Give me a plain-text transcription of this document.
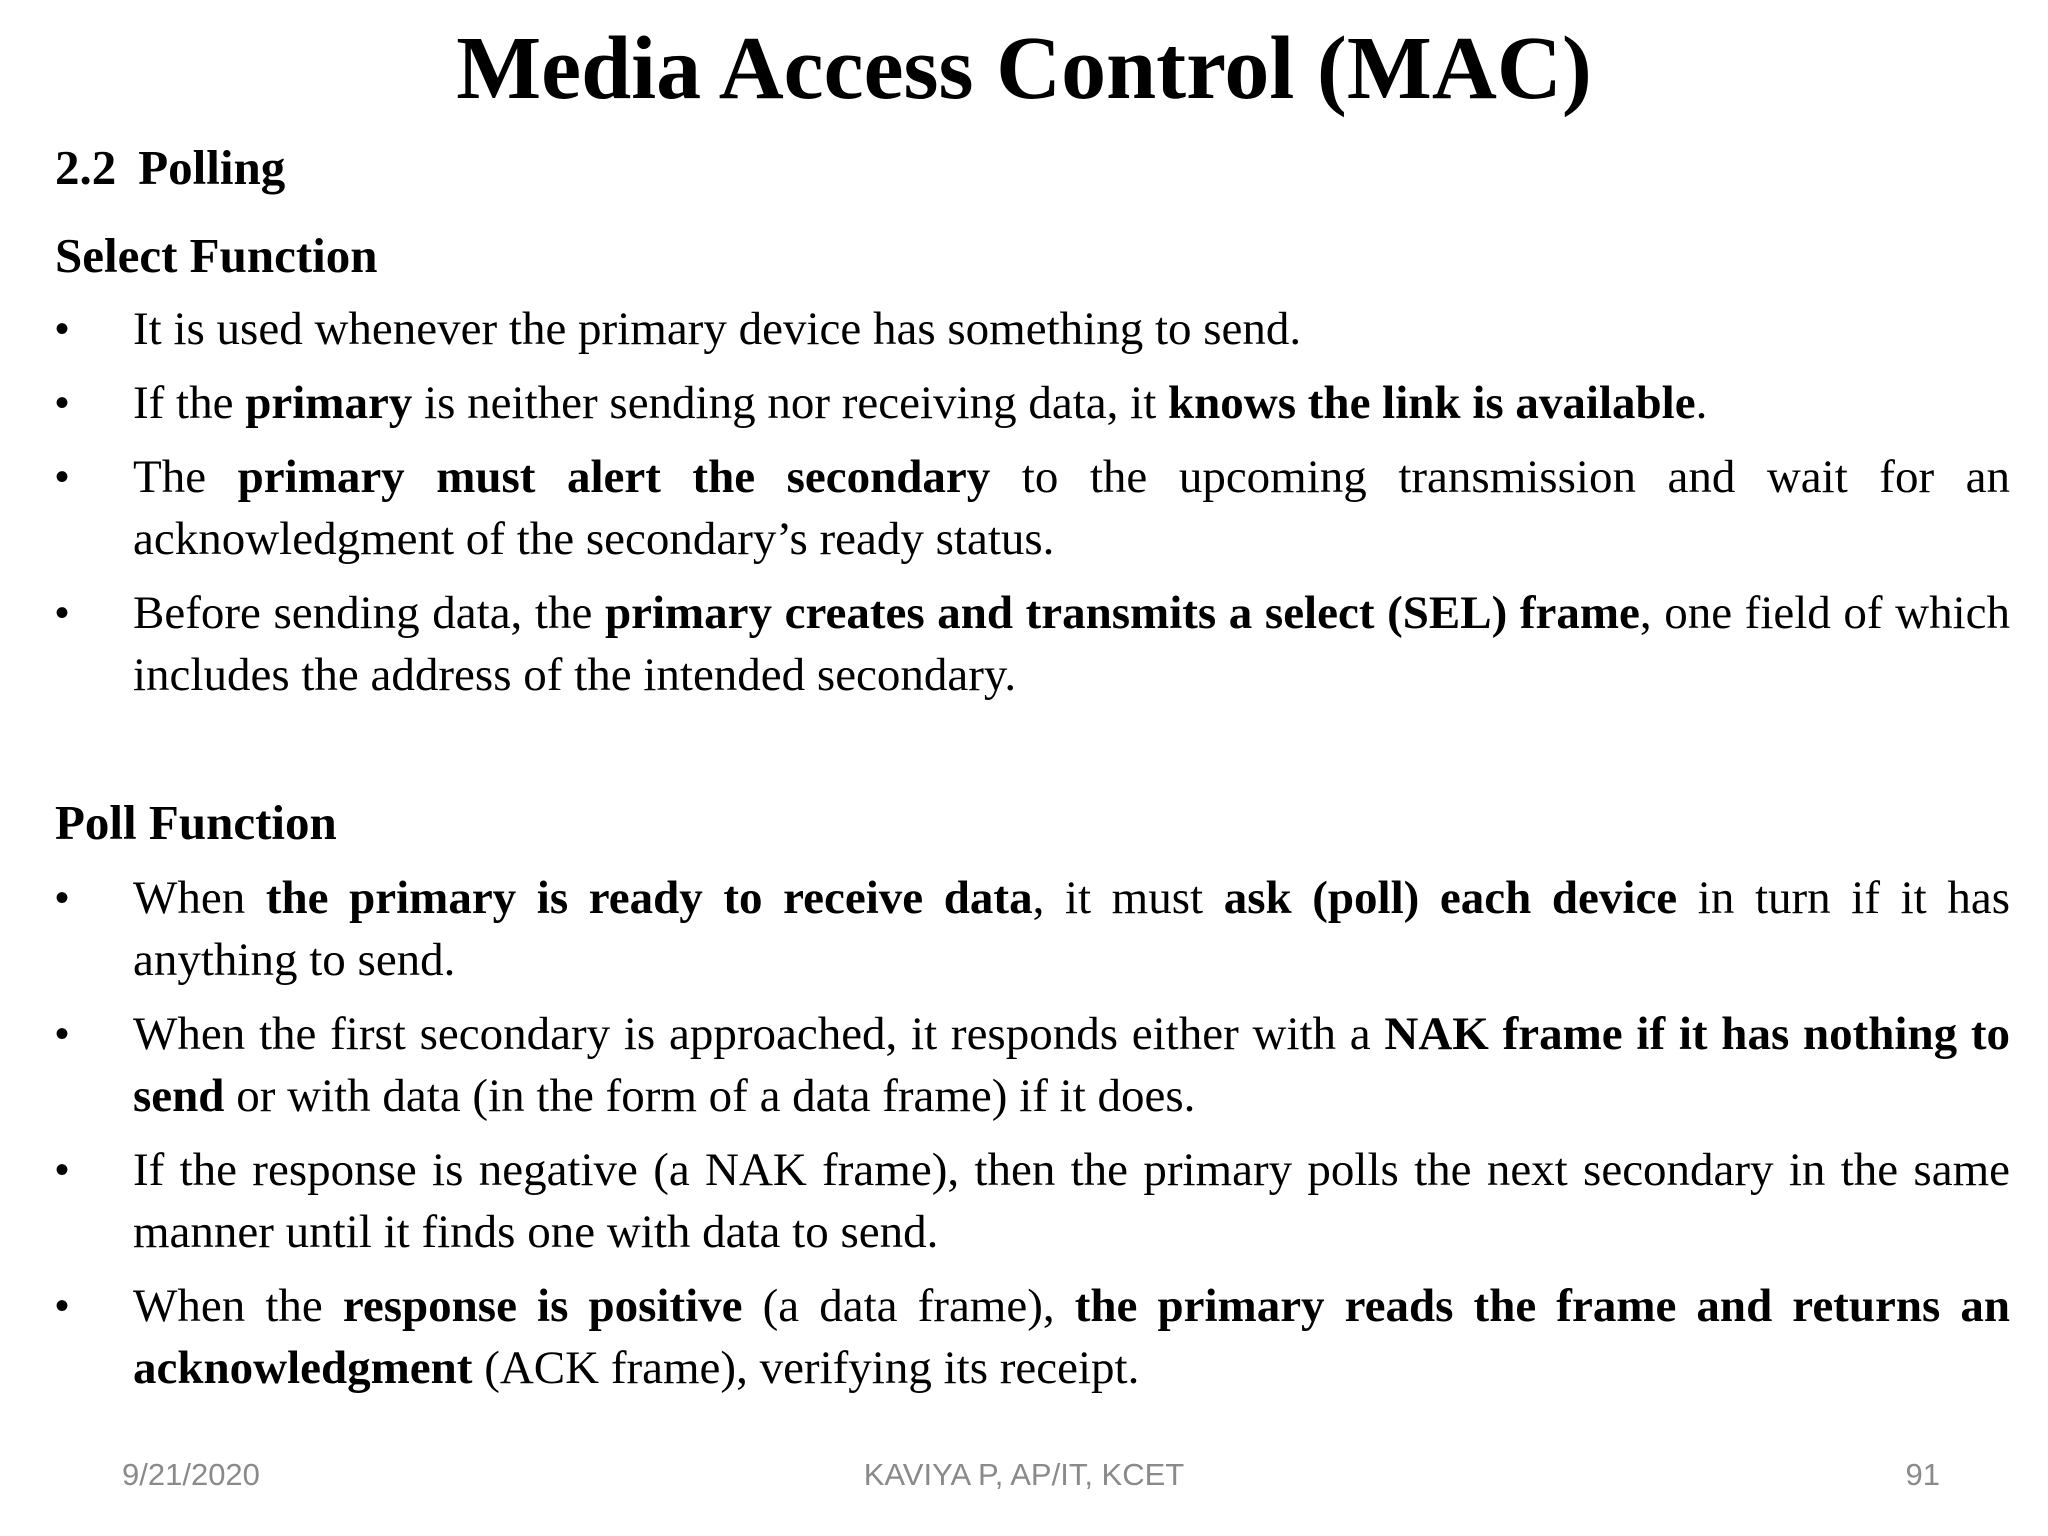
Media Access Control (MAC)
2.2 Polling
Select Function
• It is used whenever the primary device has something to send.
• If the primary is neither sending nor receiving data, it knows the link is available.
• The primary must alert the secondary to the upcoming transmission and wait for an acknowledgment of the secondary’s ready status.
• Before sending data, the primary creates and transmits a select (SEL) frame, one field of which includes the address of the intended secondary.
Poll Function
• When the primary is ready to receive data, it must ask (poll) each device in turn if it has anything to send.
• When the first secondary is approached, it responds either with a NAK frame if it has nothing to send or with data (in the form of a data frame) if it does.
• If the response is negative (a NAK frame), then the primary polls the next secondary in the same manner until it finds one with data to send.
• When the response is positive (a data frame), the primary reads the frame and returns an acknowledgment (ACK frame), verifying its receipt.
9/21/2020	KAVIYA P, AP/IT, KCET	91
